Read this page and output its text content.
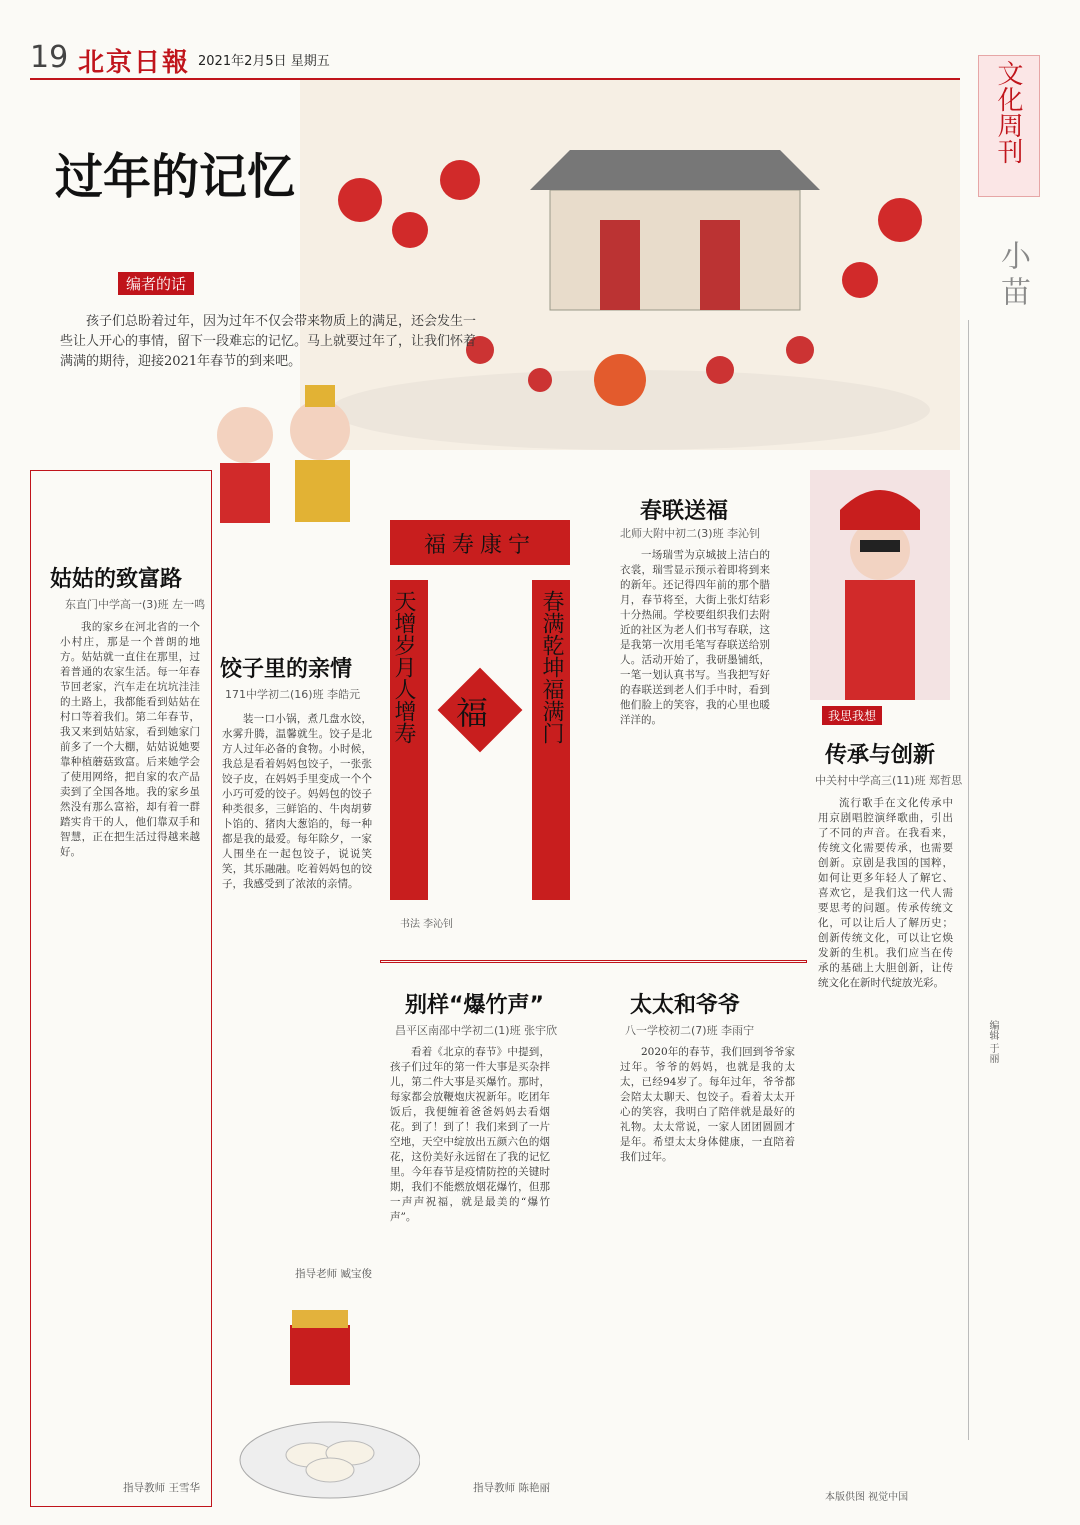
19 北京日報 2021年2月5日 星期五	文化周刊
小苗
过年的记忆
编者的话
孩子们总盼着过年，因为过年不仅会带来物质上的满足，还会发生一些让人开心的事情，留下一段难忘的记忆。马上就要过年了，让我们怀着满满的期待，迎接2021年春节的到来吧。
姑姑的致富路
东直门中学高一(3)班 左一鸣

我的家乡在河北省的一个小村庄，那是一个普朗的地方。姑姑就一直住在那里，过着普通的农家生活。每一年春节回老家，汽车走在坑坑洼洼的土路上，我都能看到姑姑在村口等着我们。第二年春节，我又来到姑姑家，看到她家门前多了一个大棚，姑姑说她要靠种植蘑菇致富。后来她学会了使用网络，把自家的农产品卖到了全国各地。我的家乡虽然没有那么富裕，却有着一群踏实肯干的人，他们靠双手和智慧，正在把生活过得越来越好。

指导教师 王雪华
饺子里的亲情
171中学初二(16)班 李皓元

装一口小锅，煮几盘水饺，水雾升腾，温馨就生。饺子是北方人过年必备的食物。小时候，我总是看着妈妈包饺子，一张张饺子皮，在妈妈手里变成一个个小巧可爱的饺子。妈妈包的饺子种类很多，三鲜馅的、牛肉胡萝卜馅的、猪肉大葱馅的，每一种都是我的最爱。每年除夕，一家人围坐在一起包饺子，说说笑笑，其乐融融。吃着妈妈包的饺子，我感受到了浓浓的亲情。

指导老师 臧宝俊
福寿康宁
春满乾坤福满门
天增岁月人增寿 福
书法 李沁钊
春联送福
北师大附中初二(3)班 李沁钊

一场瑞雪为京城披上洁白的衣裳，瑞雪显示预示着即将到来的新年。还记得四年前的那个腊月，春节将至，大街上张灯结彩十分热闹。学校要组织我们去附近的社区为老人们书写春联，这是我第一次用毛笔写春联送给别人。活动开始了，我研墨铺纸，一笔一划认真书写。当我把写好的春联送到老人们手中时，看到他们脸上的笑容，我的心里也暖洋洋的。	我思我想
传承与创新
中关村中学高三(11)班 郑哲思

流行歌手在文化传承中用京剧唱腔演绎歌曲，引出了不同的声音。在我看来，传统文化需要传承，也需要创新。京剧是我国的国粹，如何让更多年轻人了解它、喜欢它，是我们这一代人需要思考的问题。传承传统文化，可以让后人了解历史；创新传统文化，可以让它焕发新的生机。我们应当在传承的基础上大胆创新，让传统文化在新时代绽放光彩。

本版供图 视觉中国
编辑 于丽
别样“爆竹声”
昌平区南邵中学初二(1)班 张宇欣

看着《北京的春节》中提到，孩子们过年的第一件大事是买杂拌儿，第二件大事是买爆竹。那时，每家都会放鞭炮庆祝新年。吃团年饭后，我便缠着爸爸妈妈去看烟花。到了！到了！我们来到了一片空地，天空中绽放出五颜六色的烟花，这份美好永远留在了我的记忆里。今年春节是疫情防控的关键时期，我们不能燃放烟花爆竹，但那一声声祝福，就是最美的“爆竹声”。

指导教师 陈艳丽
太太和爷爷
八一学校初二(7)班 李雨宁

2020年的春节，我们回到爷爷家过年。爷爷的妈妈，也就是我的太太，已经94岁了。每年过年，爷爷都会陪太太聊天、包饺子。看着太太开心的笑容，我明白了陪伴就是最好的礼物。太太常说，一家人团团圆圆才是年。希望太太身体健康，一直陪着我们过年。
